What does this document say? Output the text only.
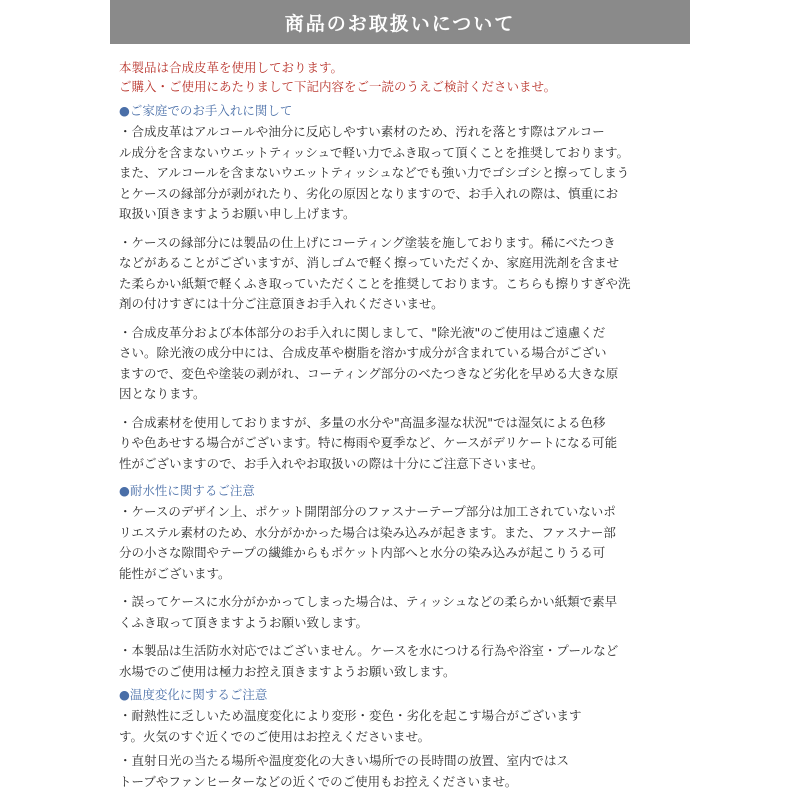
商品のお取扱いについて

本製品は合成皮革を使用しております。

ご購入・ご使用にあたりまして下記内容をご一読のうえご検討くださいませ。

●ご家庭でのお手入れに関して
・合成皮革はアルコールや油分に反応しやすい素材のため、汚れを落とす際はアルコー
ル成分を含まないウエットティッシュで軽い力でふき取って頂くことを推奨しております。
また、アルコールを含まないウエットティッシュなどでも強い力でゴシゴシと擦ってしまう
とケースの縁部分が剥がれたり、劣化の原因となりますので、お手入れの際は、慎重にお
取扱い頂きますようお願い申し上げます。
・ケースの縁部分には製品の仕上げにコーティング塗装を施しております。稀にべたつき
などがあることがございますが、消しゴムで軽く擦っていただくか、家庭用洗剤を含ませ
た柔らかい紙類で軽くふき取っていただくことを推奨しております。こちらも擦りすぎや洗
剤の付けすぎには十分ご注意頂きお手入れくださいませ。
・合成皮革分および本体部分のお手入れに関しまして、"除光液"のご使用はご遠慮くだ
さい。除光液の成分中には、合成皮革や樹脂を溶かす成分が含まれている場合がござい
ますので、変色や塗装の剥がれ、コーティング部分のべたつきなど劣化を早める大きな原
因となります。
・合成素材を使用しておりますが、多量の水分や"高温多湿な状況"では湿気による色移
りや色あせする場合がございます。特に梅雨や夏季など、ケースがデリケートになる可能
性がございますので、お手入れやお取扱いの際は十分にご注意下さいませ。
●耐水性に関するご注意
・ケースのデザイン上、ポケット開閉部分のファスナーテープ部分は加工されていないポ
リエステル素材のため、水分がかかった場合は染み込みが起きます。また、ファスナー部
分の小さな隙間やテープの繊維からもポケット内部へと水分の染み込みが起こりうる可
能性がございます。
・誤ってケースに水分がかかってしまった場合は、ティッシュなどの柔らかい紙類で素早
くふき取って頂きますようお願い致します。
・本製品は生活防水対応ではございません。ケースを水につける行為や浴室・プールなど
水場でのご使用は極力お控え頂きますようお願い致します。
●温度変化に関するご注意
・耐熱性に乏しいため温度変化により変形・変色・劣化を起こす場合がございます
す。火気のすぐ近くでのご使用はお控えくださいませ。
・直射日光の当たる場所や温度変化の大きい場所での長時間の放置、室内ではス
トーブやファンヒーターなどの近くでのご使用もお控えくださいませ。
